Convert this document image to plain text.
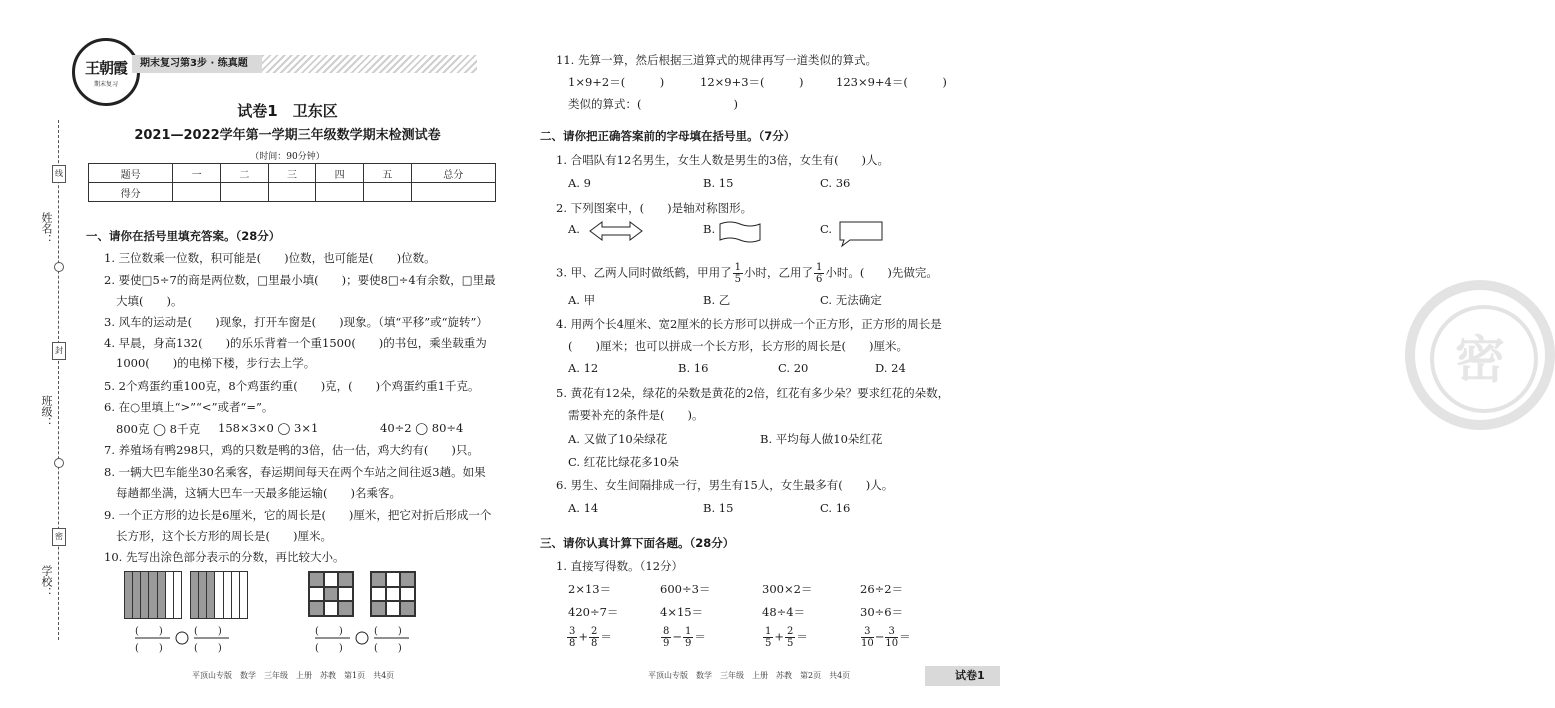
线
姓名：
封
班级：
密
学校：
王朝霞
期末复习
期末复习第3步 · 练真题
试卷1　卫东区
2021—2022学年第一学期三年级数学期末检测试卷
（时间：90分钟）
题号	一	二	三	四	五	总分
得分						
一、请你在括号里填充答案。（28分）
1. 三位数乘一位数，积可能是(　　)位数，也可能是(　　)位数。
2. 要使□5÷7的商是两位数，□里最小填(　　)；要使8□÷4有余数，□里最
大填(　　)。
3. 风车的运动是(　　)现象，打开车窗是(　　)现象。（填“平移”或“旋转”）
4. 早晨，身高132(　　)的乐乐背着一个重1500(　　)的书包，乘坐载重为
1000(　　)的电梯下楼，步行去上学。
5. 2个鸡蛋约重100克，8个鸡蛋约重(　　)克，(　　)个鸡蛋约重1千克。
6. 在○里填上“>”“<”或者“=”。
800克 ◯ 8千克 158×3×0 ◯ 3×1	40÷2 ◯ 80÷4
7. 养殖场有鸭298只，鸡的只数是鸭的3倍，估一估，鸡大约有(　　)只。
8. 一辆大巴车能坐30名乘客，春运期间每天在两个车站之间往返3趟。如果
每趟都坐满，这辆大巴车一天最多能运输(　　)名乘客。
9. 一个正方形的边长是6厘米，它的周长是(　　)厘米，把它对折后形成一个
长方形，这个长方形的周长是(　　)厘米。
10. 先写出涂色部分表示的分数，再比较大小。
(　　)
(　　)
(　　)
(　　)
(　　)
(　　)
(　　)
(　　)
平顶山专版　数学　三年级　上册　苏教　第1页　共4页
密
11. 先算一算，然后根据三道算式的规律再写一道类似的算式。
1×9+2＝(　　　)	12×9+3＝(　　　)	123×9+4＝(　　　)
类似的算式：(　　　　　　　　)
二、请你把正确答案前的字母填在括号里。（7分）
1. 合唱队有12名男生，女生人数是男生的3倍，女生有(　　)人。
A. 9	B. 15	C. 36
2. 下列图案中，(　　)是轴对称图形。
A.	B.	C.
3. 甲、乙两人同时做纸鹤，甲用了 $\frac{1}{5}$ 小时，乙用了 $\frac{1}{6}$ 小时。(　　)先做完。
A. 甲	B. 乙	C. 无法确定
4. 用两个长4厘米、宽2厘米的长方形可以拼成一个正方形，正方形的周长是
(　　)厘米；也可以拼成一个长方形，长方形的周长是(　　)厘米。
A. 12	B. 16	C. 20	D. 24
5. 黄花有12朵，绿花的朵数是黄花的2倍，红花有多少朵？要求红花的朵数，
需要补充的条件是(　　)。
A. 又做了10朵绿花	B. 平均每人做10朵红花
C. 红花比绿花多10朵
6. 男生、女生间隔排成一行，男生有15人，女生最多有(　　)人。
A. 14	B. 15	C. 16
三、请你认真计算下面各题。（28分）
1. 直接写得数。（12分）
2×13＝	600÷3＝	300×2＝	26÷2＝
420÷7＝	4×15＝	48÷4＝	30÷6＝
$\frac{3}{8} + \frac{2}{8}$ ＝	$\frac{8}{9} - \frac{1}{9}$ ＝	$\frac{1}{5} + \frac{2}{5}$ ＝	$\frac{3}{10} - \frac{3}{10}$ ＝
平顶山专版　数学　三年级　上册　苏教　第2页　共4页	试卷1
